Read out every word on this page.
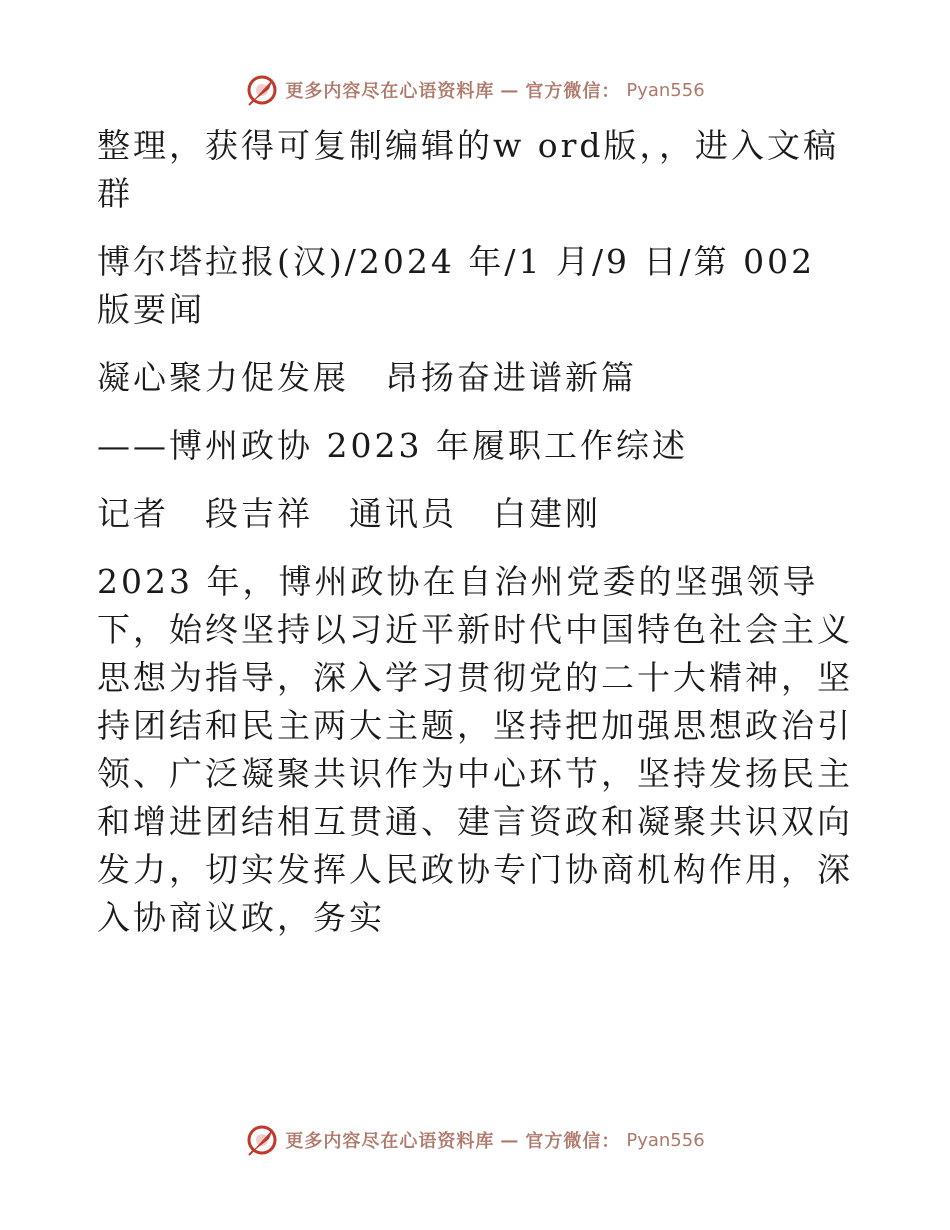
更多内容尽在心语资料库 — 官方微信： Pyan556

整理，获得可复制编辑的w ord版，，进入文稿群

博尔塔拉报(汉)/2024 年/1 月/9 日/第 002 版要闻

凝心聚力促发展　昂扬奋进谱新篇

——博州政协 2023 年履职工作综述

记者　段吉祥　通讯员　白建刚

2023 年，博州政协在自治州党委的坚强领导下，始终坚持以习近平新时代中国特色社会主义思想为指导，深入学习贯彻党的二十大精神，坚持团结和民主两大主题，坚持把加强思想政治引领、广泛凝聚共识作为中心环节，坚持发扬民主和增进团结相互贯通、建言资政和凝聚共识双向发力，切实发挥人民政协专门协商机构作用，深入协商议政，务实

更多内容尽在心语资料库 — 官方微信： Pyan556
